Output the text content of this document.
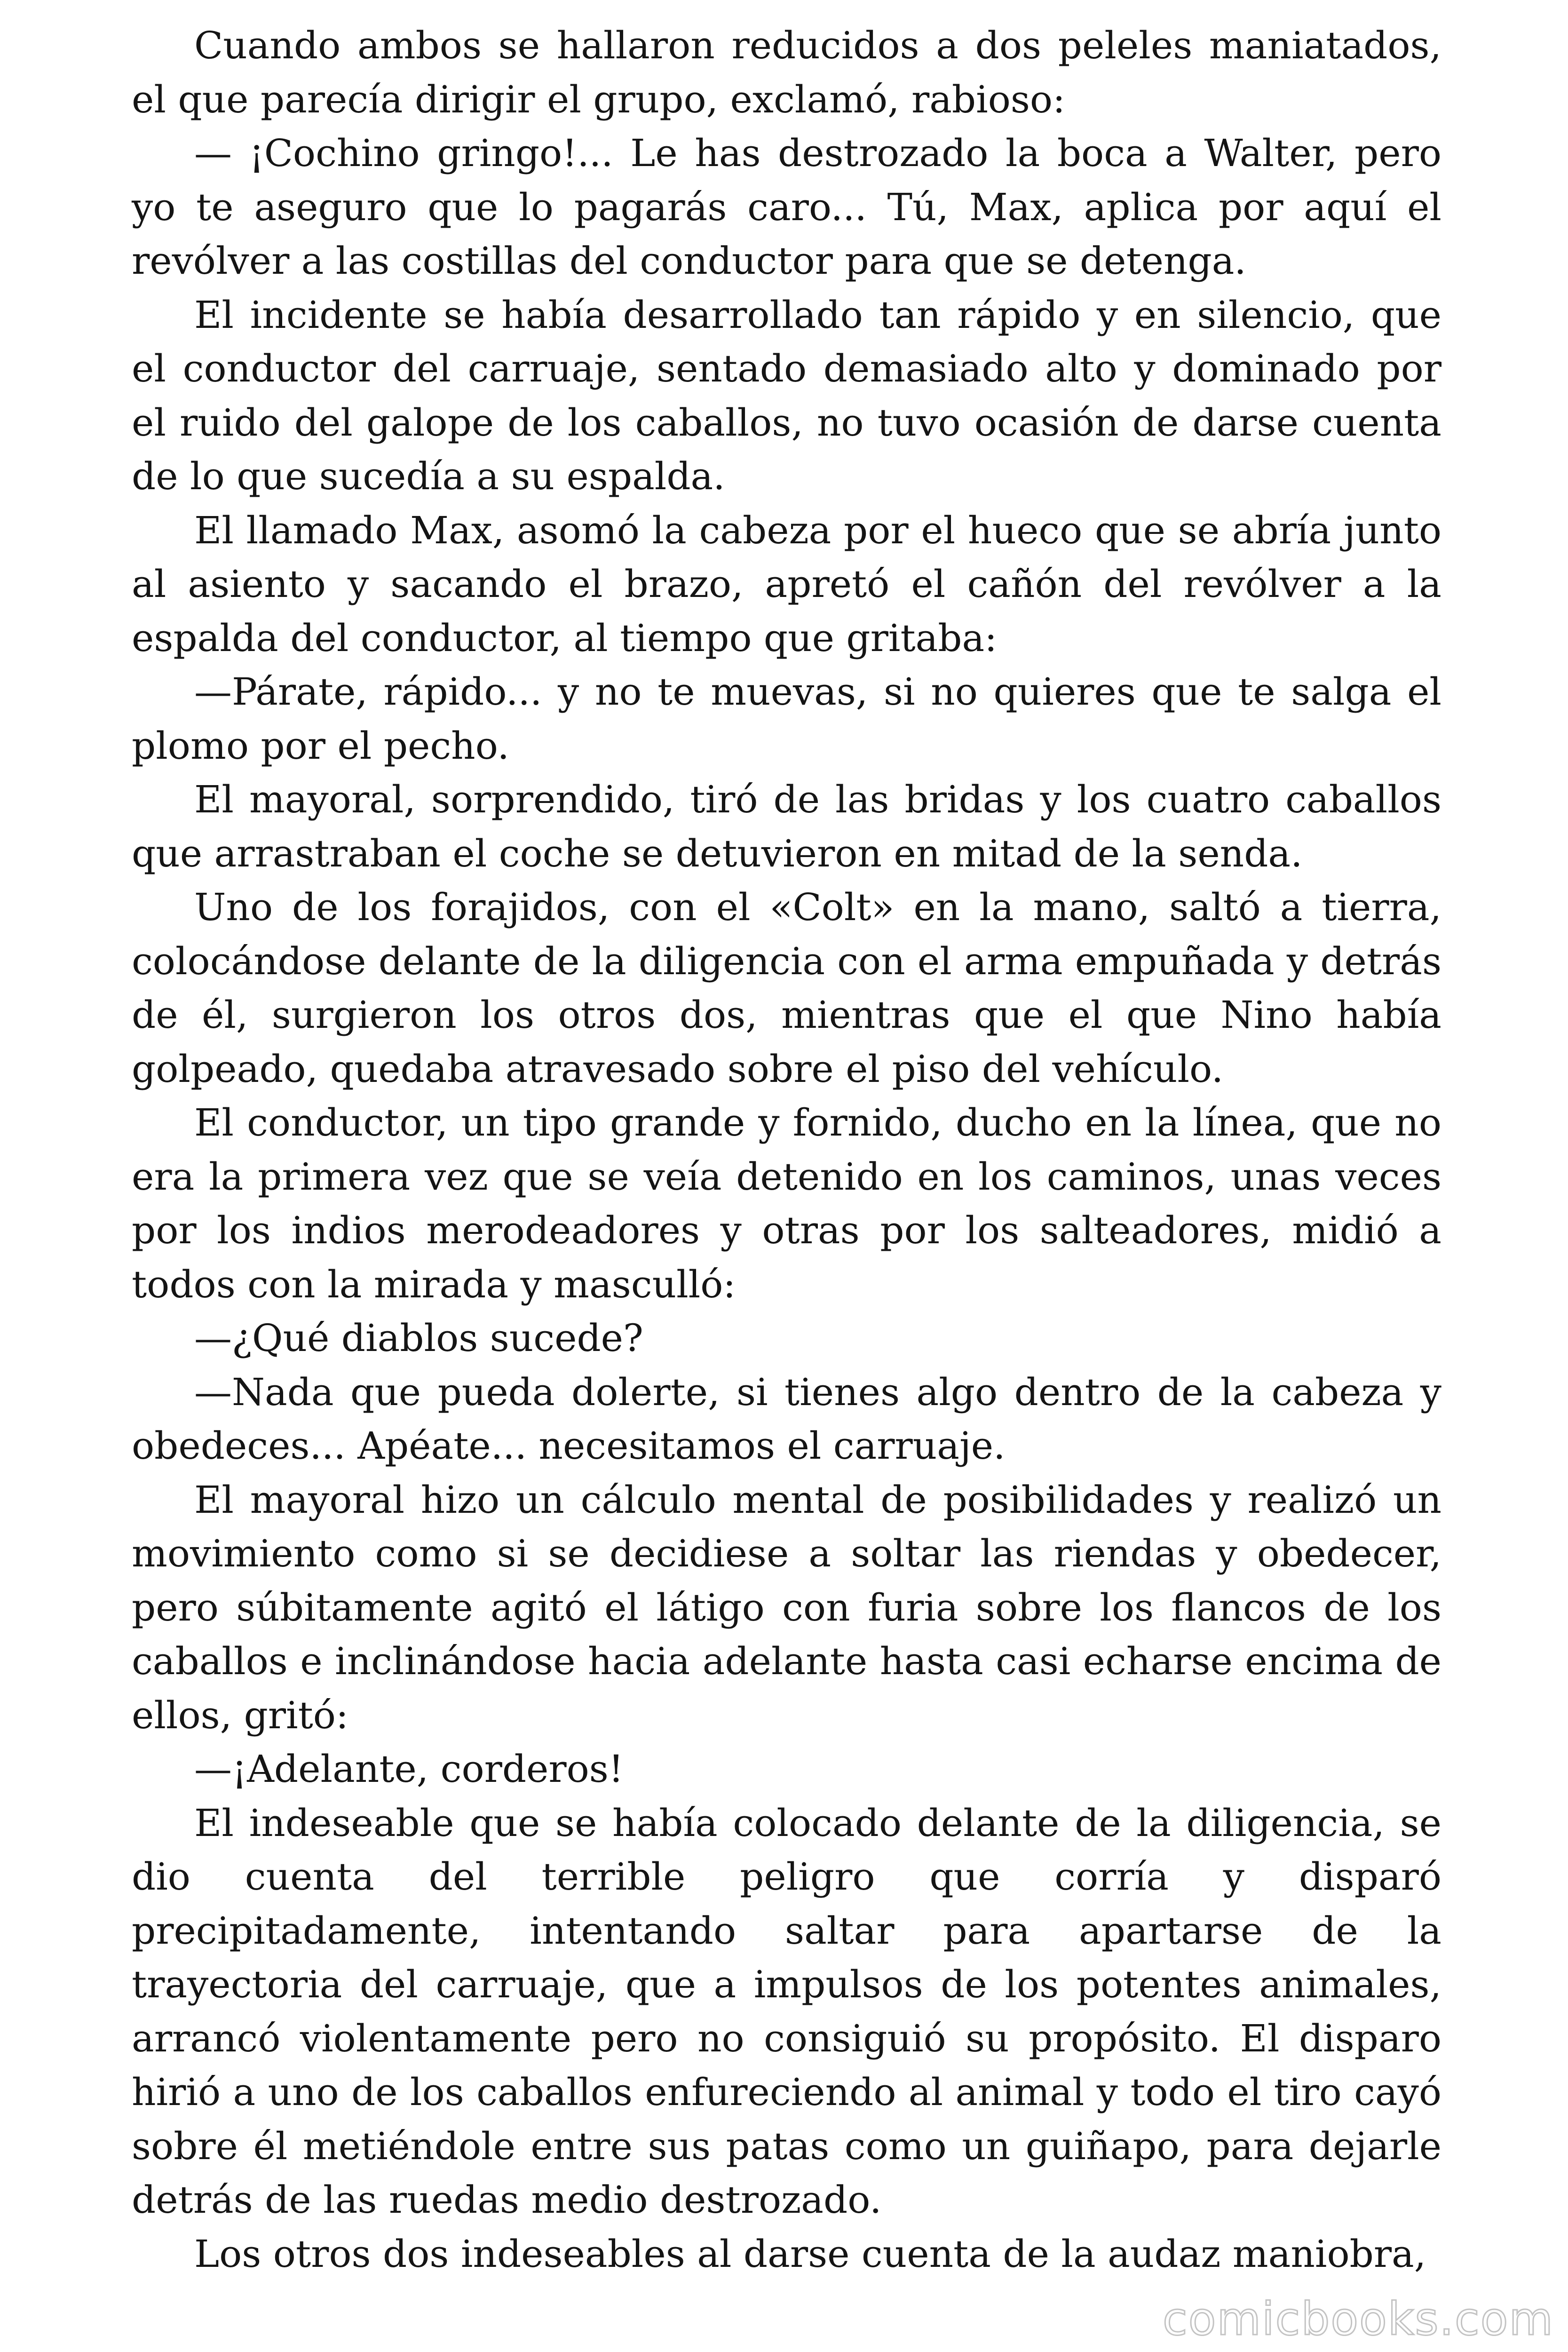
Cuando ambos se hallaron reducidos a dos peleles maniatados, el que parecía dirigir el grupo, exclamó, rabioso:

— ¡Cochino gringo!... Le has destrozado la boca a Walter, pero yo te aseguro que lo pagarás caro... Tú, Max, aplica por aquí el revólver a las costillas del conductor para que se detenga.

El incidente se había desarrollado tan rápido y en silencio, que el conductor del carruaje, sentado demasiado alto y dominado por el ruido del galope de los caballos, no tuvo ocasión de darse cuenta de lo que sucedía a su espalda.

El llamado Max, asomó la cabeza por el hueco que se abría junto al asiento y sacando el brazo, apretó el cañón del revólver a la espalda del conductor, al tiempo que gritaba:

—Párate, rápido... y no te muevas, si no quieres que te salga el plomo por el pecho.

El mayoral, sorprendido, tiró de las bridas y los cuatro caballos que arrastraban el coche se detuvieron en mitad de la senda.

Uno de los forajidos, con el «Colt» en la mano, saltó a tierra, colocándose delante de la diligencia con el arma empuñada y detrás de él, surgieron los otros dos, mientras que el que Nino había golpeado, quedaba atravesado sobre el piso del vehículo.

El conductor, un tipo grande y fornido, ducho en la línea, que no era la primera vez que se veía detenido en los caminos, unas veces por los indios merodeadores y otras por los salteadores, midió a todos con la mirada y masculló:

—¿Qué diablos sucede?

—Nada que pueda dolerte, si tienes algo dentro de la cabeza y obedeces... Apéate... necesitamos el carruaje.

El mayoral hizo un cálculo mental de posibilidades y realizó un movimiento como si se decidiese a soltar las riendas y obedecer, pero súbitamente agitó el látigo con furia sobre los flancos de los caballos e inclinándose hacia adelante hasta casi echarse encima de ellos, gritó:

—¡Adelante, corderos!

El indeseable que se había colocado delante de la diligencia, se dio cuenta del terrible peligro que corría y disparó precipitadamente, intentando saltar para apartarse de la trayectoria del carruaje, que a impulsos de los potentes animales, arrancó violentamente pero no consiguió su propósito. El disparo hirió a uno de los caballos enfureciendo al animal y todo el tiro cayó sobre él metiéndole entre sus patas como un guiñapo, para dejarle detrás de las ruedas medio destrozado.

Los otros dos indeseables al darse cuenta de la audaz maniobra,

comicbooks.com
